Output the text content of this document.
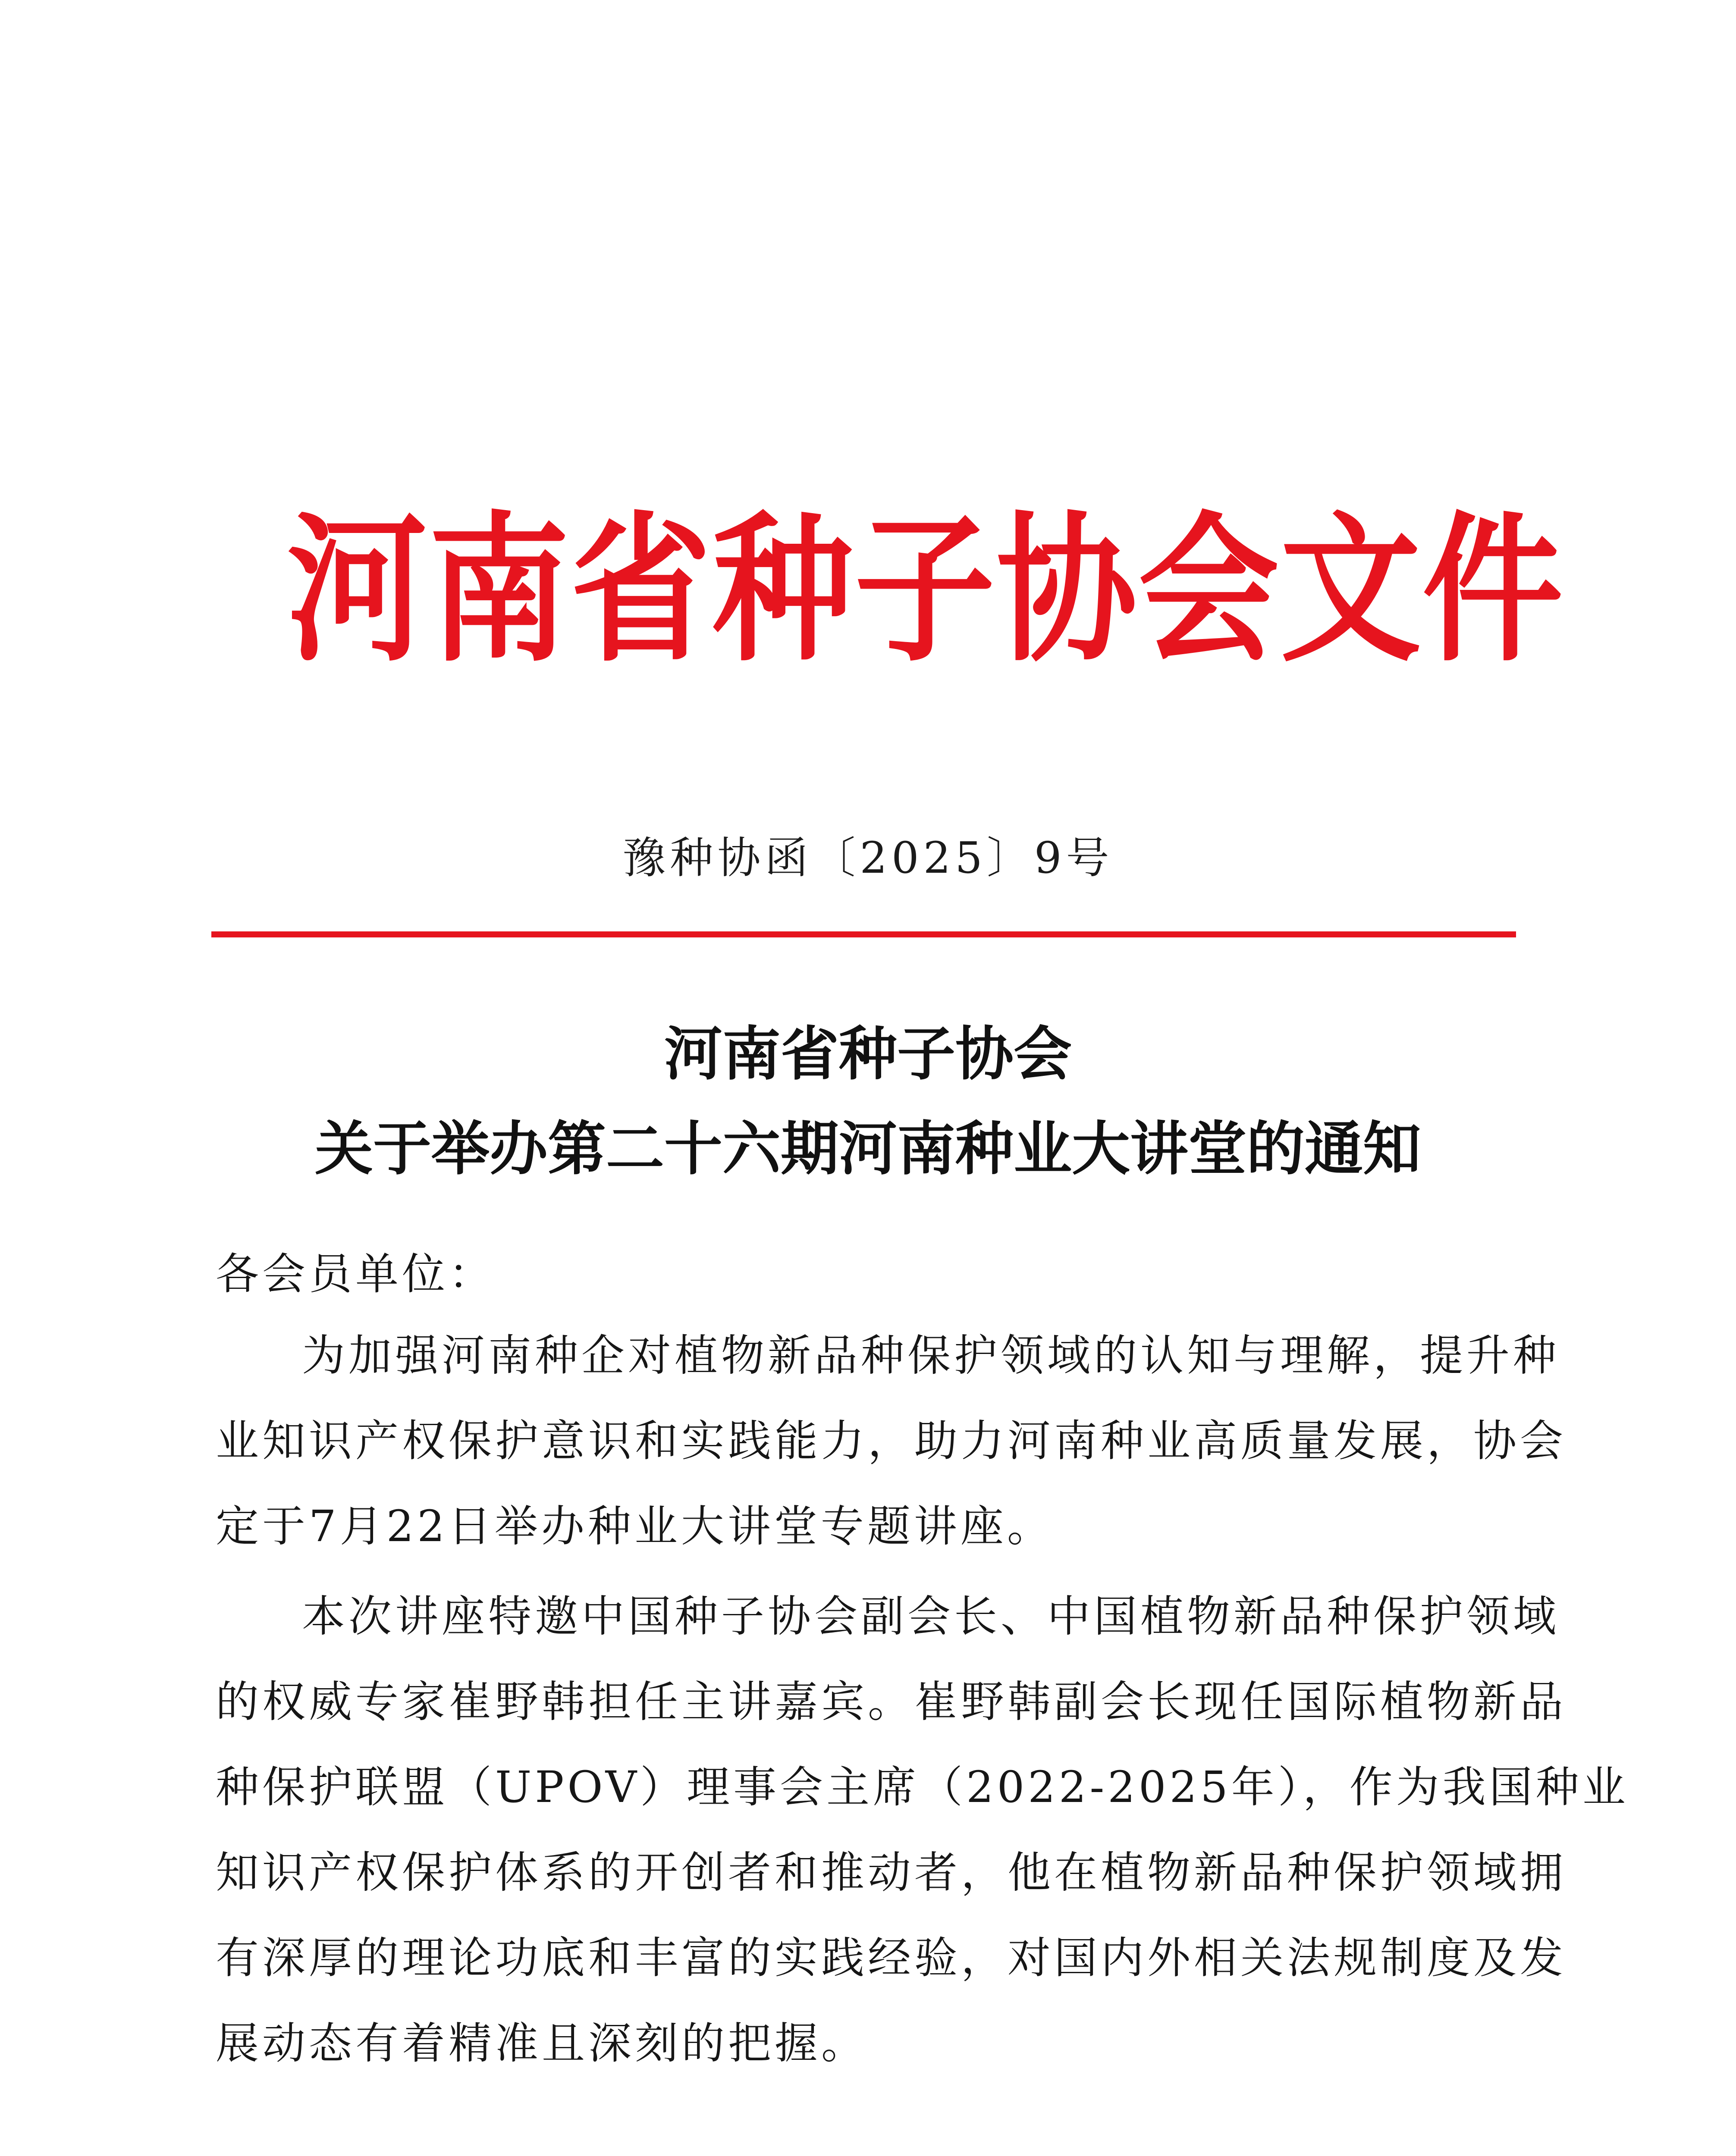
河南省种子协会文件
豫种协函〔2025〕9号
河南省种子协会
关于举办第二十六期河南种业大讲堂的通知
各会员单位：
为加强河南种企对植物新品种保护领域的认知与理解，提升种
业知识产权保护意识和实践能力，助力河南种业高质量发展，协会
定于7月22日举办种业大讲堂专题讲座。
本次讲座特邀中国种子协会副会长、中国植物新品种保护领域
的权威专家崔野韩担任主讲嘉宾。崔野韩副会长现任国际植物新品
种保护联盟（UPOV）理事会主席（2022-2025年），作为我国种业
知识产权保护体系的开创者和推动者，他在植物新品种保护领域拥
有深厚的理论功底和丰富的实践经验，对国内外相关法规制度及发
展动态有着精准且深刻的把握。
